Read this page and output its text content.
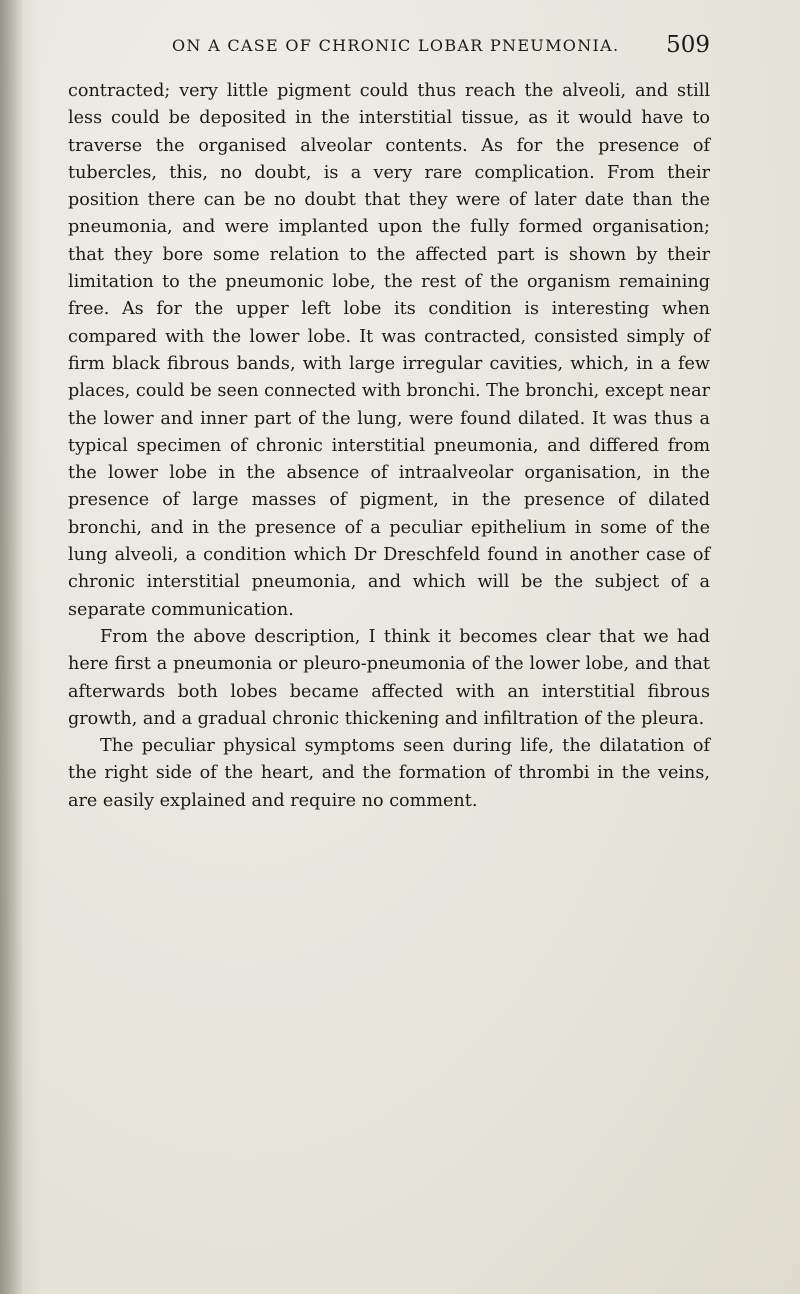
ON A CASE OF CHRONIC LOBAR PNEUMONIA. 509

contracted; very little pigment could thus reach the alveoli, and still less could be deposited in the interstitial tissue, as it would have to traverse the organised alveolar contents. As for the presence of tubercles, this, no doubt, is a very rare complication. From their position there can be no doubt that they were of later date than the pneumonia, and were implanted upon the fully formed organisation; that they bore some relation to the affected part is shown by their limitation to the pneumonic lobe, the rest of the organism remaining free. As for the upper left lobe its condition is interesting when compared with the lower lobe. It was contracted, consisted simply of firm black fibrous bands, with large irregular cavities, which, in a few places, could be seen connected with bronchi. The bronchi, except near the lower and inner part of the lung, were found dilated. It was thus a typical specimen of chronic interstitial pneumonia, and differed from the lower lobe in the absence of intraalveolar organisation, in the presence of large masses of pigment, in the presence of dilated bronchi, and in the presence of a peculiar epithelium in some of the lung alveoli, a condition which Dr Dreschfeld found in another case of chronic interstitial pneumonia, and which will be the subject of a separate communication.

From the above description, I think it becomes clear that we had here first a pneumonia or pleuro-pneumonia of the lower lobe, and that afterwards both lobes became affected with an interstitial fibrous growth, and a gradual chronic thickening and infiltration of the pleura.

The peculiar physical symptoms seen during life, the dilatation of the right side of the heart, and the formation of thrombi in the veins, are easily explained and require no comment.
